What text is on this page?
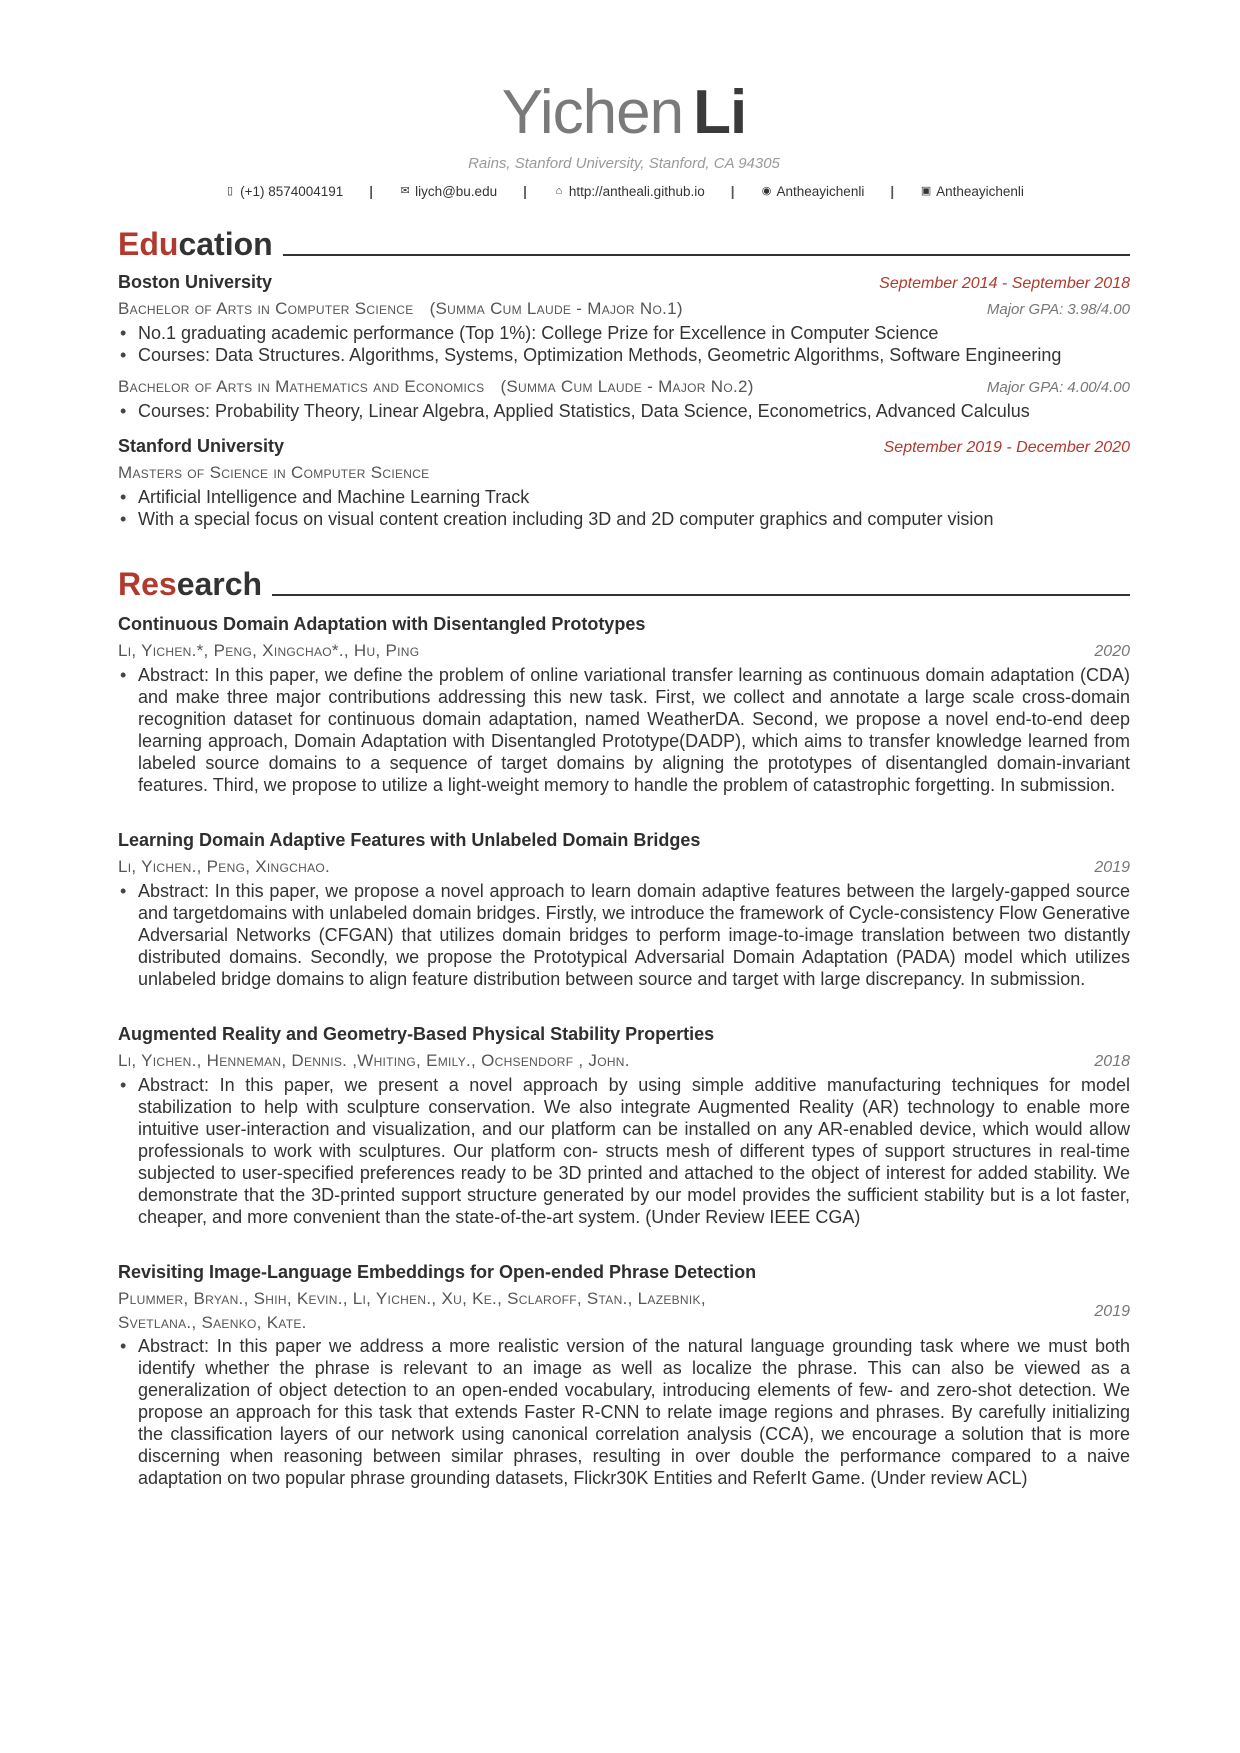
Yichen Li
Rains, Stanford University, Stanford, CA 94305
▯ (+1) 8574004191 | ✉ liych@bu.edu |	⌂ http://antheali.github.io | ◉ Antheayichenli | ▣ Antheayichenli
Education
Boston University	September 2014 - September 2018
Bachelor of Arts in Computer Science (Summa Cum Laude - Major No.1)	Major GPA: 3.98/4.00
• No.1 graduating academic performance (Top 1%): College Prize for Excellence in Computer Science
• Courses: Data Structures. Algorithms, Systems, Optimization Methods, Geometric Algorithms, Software Engineering
Bachelor of Arts in Mathematics and Economics (Summa Cum Laude - Major No.2)	Major GPA: 4.00/4.00
• Courses: Probability Theory, Linear Algebra, Applied Statistics, Data Science, Econometrics, Advanced Calculus
Stanford University	September 2019 - December 2020
Masters of Science in Computer Science
• Artificial Intelligence and Machine Learning Track
• With a special focus on visual content creation including 3D and 2D computer graphics and computer vision
Research
Continuous Domain Adaptation with Disentangled Prototypes
Li, Yichen.*, Peng, Xingchao*., Hu, Ping	2020
• Abstract: In this paper, we define the problem of online variational transfer learning as continuous domain adaptation (CDA) and make three major contributions addressing this new task. First, we collect and annotate a large scale cross-domain recognition dataset for continuous domain adaptation, named WeatherDA. Second, we propose a novel end-to-end deep learning approach, Domain Adaptation with Disentangled Prototype(DADP), which aims to transfer knowledge learned from labeled source domains to a sequence of target domains by aligning the prototypes of disentangled domain-invariant features. Third, we propose to utilize a light-weight memory to handle the problem of catastrophic forgetting. In submission.
Learning Domain Adaptive Features with Unlabeled Domain Bridges
Li, Yichen., Peng, Xingchao.	2019
• Abstract: In this paper, we propose a novel approach to learn domain adaptive features between the largely-gapped source and targetdomains with unlabeled domain bridges. Firstly, we introduce the framework of Cycle-consistency Flow Generative Adversarial Networks (CFGAN) that utilizes domain bridges to perform image-to-image translation between two distantly distributed domains. Secondly, we propose the Prototypical Adversarial Domain Adaptation (PADA) model which utilizes unlabeled bridge domains to align feature distribution between source and target with large discrepancy. In submission.
Augmented Reality and Geometry-Based Physical Stability Properties
Li, Yichen., Henneman, Dennis. ,Whiting, Emily., Ochsendorf , John.	2018
• Abstract: In this paper, we present a novel approach by using simple additive manufacturing techniques for model stabilization to help with sculpture conservation. We also integrate Augmented Reality (AR) technology to enable more intuitive user-interaction and visualization, and our platform can be installed on any AR-enabled device, which would allow professionals to work with sculptures. Our platform con- structs mesh of different types of support structures in real-time subjected to user-specified preferences ready to be 3D printed and attached to the object of interest for added stability. We demonstrate that the 3D-printed support structure generated by our model provides the sufficient stability but is a lot faster, cheaper, and more convenient than the state-of-the-art system. (Under Review IEEE CGA)
Revisiting Image-Language Embeddings for Open-ended Phrase Detection
Plummer, Bryan., Shih, Kevin., Li, Yichen., Xu, Ke., Sclaroff, Stan., Lazebnik,
Svetlana., Saenko, Kate.
2019
• Abstract: In this paper we address a more realistic version of the natural language grounding task where we must both identify whether the phrase is relevant to an image as well as localize the phrase. This can also be viewed as a generalization of object detection to an open-ended vocabulary, introducing elements of few- and zero-shot detection. We propose an approach for this task that extends Faster R-CNN to relate image regions and phrases. By carefully initializing the classification layers of our network using canonical correlation analysis (CCA), we encourage a solution that is more discerning when reasoning between similar phrases, resulting in over double the performance compared to a naive adaptation on two popular phrase grounding datasets, Flickr30K Entities and ReferIt Game. (Under review ACL)
